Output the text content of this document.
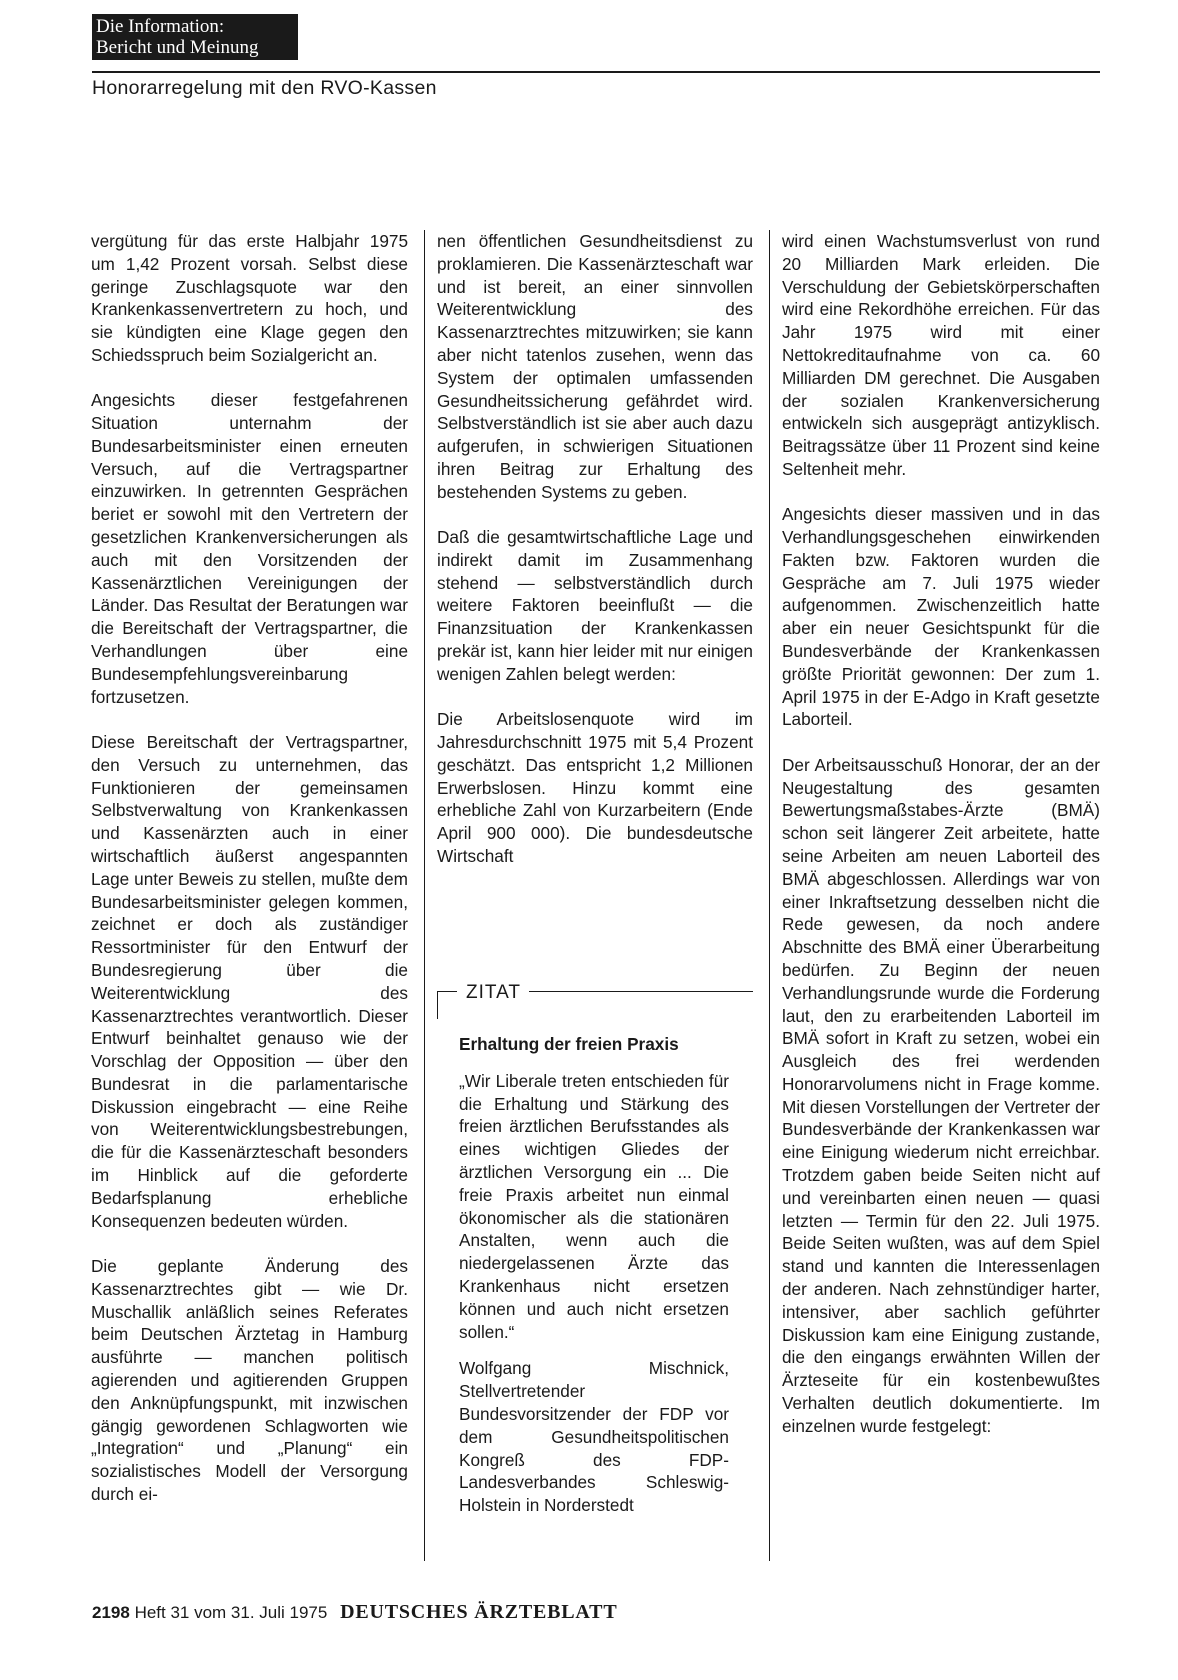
Die Information:
Bericht und Meinung
Honorarregelung mit den RVO-Kassen

vergütung für das erste Halbjahr 1975 um 1,42 Prozent vorsah. Selbst diese geringe Zuschlagsquote war den Krankenkassenvertretern zu hoch, und sie kündigten eine Klage gegen den Schiedsspruch beim Sozialgericht an.

Angesichts dieser festgefahrenen Situation unternahm der Bundesarbeitsminister einen erneuten Versuch, auf die Vertragspartner einzuwirken. In getrennten Gesprächen beriet er sowohl mit den Vertretern der gesetzlichen Krankenversicherungen als auch mit den Vorsitzenden der Kassenärztlichen Vereinigungen der Länder. Das Resultat der Beratungen war die Bereitschaft der Vertragspartner, die Verhandlungen über eine Bundesempfehlungsvereinbarung fortzusetzen.

Diese Bereitschaft der Vertragspartner, den Versuch zu unternehmen, das Funktionieren der gemeinsamen Selbstverwaltung von Krankenkassen und Kassenärzten auch in einer wirtschaftlich äußerst angespannten Lage unter Beweis zu stellen, mußte dem Bundesarbeitsminister gelegen kommen, zeichnet er doch als zuständiger Ressortminister für den Entwurf der Bundesregierung über die Weiterentwicklung des Kassenarztrechtes verantwortlich. Dieser Entwurf beinhaltet genauso wie der Vorschlag der Opposition — über den Bundesrat in die parlamentarische Diskussion eingebracht — eine Reihe von Weiterentwicklungsbestrebungen, die für die Kassenärzteschaft besonders im Hinblick auf die geforderte Bedarfsplanung erhebliche Konsequenzen bedeuten würden.

Die geplante Änderung des Kassenarztrechtes gibt — wie Dr. Muschallik anläßlich seines Referates beim Deutschen Ärztetag in Hamburg ausführte — manchen politisch agierenden und agitierenden Gruppen den Anknüpfungspunkt, mit inzwischen gängig gewordenen Schlagworten wie „Integration“ und „Planung“ ein sozialistisches Modell der Versorgung durch ei-

nen öffentlichen Gesundheitsdienst zu proklamieren. Die Kassenärzteschaft war und ist bereit, an einer sinnvollen Weiterentwicklung des Kassenarztrechtes mitzuwirken; sie kann aber nicht tatenlos zusehen, wenn das System der optimalen umfassenden Gesundheitssicherung gefährdet wird. Selbstverständlich ist sie aber auch dazu aufgerufen, in schwierigen Situationen ihren Beitrag zur Erhaltung des bestehenden Systems zu geben.

Daß die gesamtwirtschaftliche Lage und indirekt damit im Zusammenhang stehend — selbstverständlich durch weitere Faktoren beeinflußt — die Finanzsituation der Krankenkassen prekär ist, kann hier leider mit nur einigen wenigen Zahlen belegt werden:

Die Arbeitslosenquote wird im Jahresdurchschnitt 1975 mit 5,4 Prozent geschätzt. Das entspricht 1,2 Millionen Erwerbslosen. Hinzu kommt eine erhebliche Zahl von Kurzarbeitern (Ende April 900 000). Die bundesdeutsche Wirtschaft

ZITAT
Erhaltung der freien Praxis

„Wir Liberale treten entschieden für die Erhaltung und Stärkung des freien ärztlichen Berufsstandes als eines wichtigen Gliedes der ärztlichen Versorgung ein ... Die freie Praxis arbeitet nun einmal ökonomischer als die stationären Anstalten, wenn auch die niedergelassenen Ärzte das Krankenhaus nicht ersetzen können und auch nicht ersetzen sollen.“

Wolfgang Mischnick, Stellvertretender Bundesvorsitzender der FDP vor dem Gesundheitspolitischen Kongreß des FDP-Landesverbandes Schleswig-Holstein in Norderstedt

wird einen Wachstumsverlust von rund 20 Milliarden Mark erleiden. Die Verschuldung der Gebietskörperschaften wird eine Rekordhöhe erreichen. Für das Jahr 1975 wird mit einer Nettokreditaufnahme von ca. 60 Milliarden DM gerechnet. Die Ausgaben der sozialen Krankenversicherung entwickeln sich ausgeprägt antizyklisch. Beitragssätze über 11 Prozent sind keine Seltenheit mehr.

Angesichts dieser massiven und in das Verhandlungsgeschehen einwirkenden Fakten bzw. Faktoren wurden die Gespräche am 7. Juli 1975 wieder aufgenommen. Zwischenzeitlich hatte aber ein neuer Gesichtspunkt für die Bundesverbände der Krankenkassen größte Priorität gewonnen: Der zum 1. April 1975 in der E-Adgo in Kraft gesetzte Laborteil.

Der Arbeitsausschuß Honorar, der an der Neugestaltung des gesamten Bewertungsmaßstabes-Ärzte (BMÄ) schon seit längerer Zeit arbeitete, hatte seine Arbeiten am neuen Laborteil des BMÄ abgeschlossen. Allerdings war von einer Inkraftsetzung desselben nicht die Rede gewesen, da noch andere Abschnitte des BMÄ einer Überarbeitung bedürfen. Zu Beginn der neuen Verhandlungsrunde wurde die Forderung laut, den zu erarbeitenden Laborteil im BMÄ sofort in Kraft zu setzen, wobei ein Ausgleich des frei werdenden Honorarvolumens nicht in Frage komme. Mit diesen Vorstellungen der Vertreter der Bundesverbände der Krankenkassen war eine Einigung wiederum nicht erreichbar. Trotzdem gaben beide Seiten nicht auf und vereinbarten einen neuen — quasi letzten — Termin für den 22. Juli 1975. Beide Seiten wußten, was auf dem Spiel stand und kannten die Interessenlagen der anderen. Nach zehnstündiger harter, intensiver, aber sachlich geführter Diskussion kam eine Einigung zustande, die den eingangs erwähnten Willen der Ärzteseite für ein kostenbewußtes Verhalten deutlich dokumentierte. Im einzelnen wurde festgelegt:

2198 Heft 31 vom 31. Juli 1975 DEUTSCHES ÄRZTEBLATT
